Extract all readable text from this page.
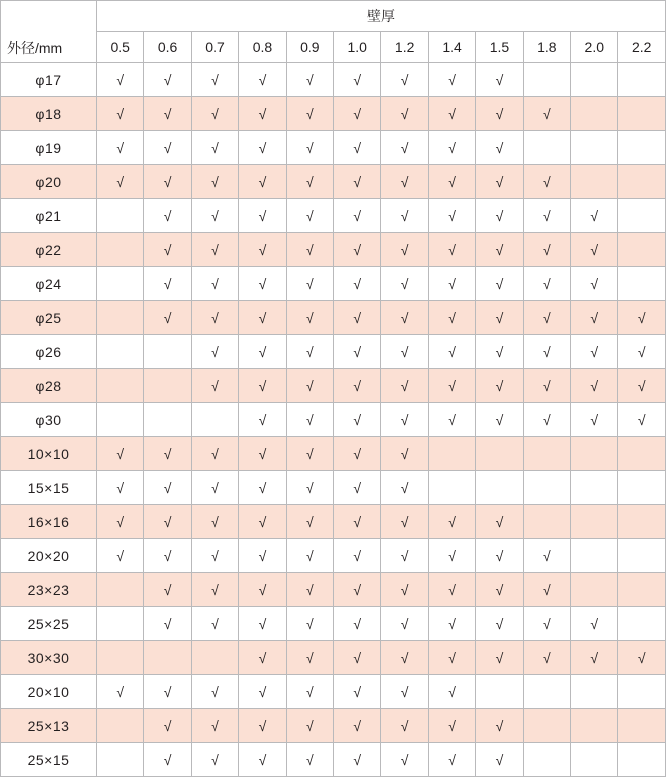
外径/mm	壁厚											
	0.5	0.6	0.7	0.8	0.9	1.0	1.2	1.4	1.5	1.8	2.0	2.2
φ17	√	√	√	√	√	√	√	√	√			
φ18	√	√	√	√	√	√	√	√	√	√		
φ19	√	√	√	√	√	√	√	√	√			
φ20	√	√	√	√	√	√	√	√	√	√		
φ21		√	√	√	√	√	√	√	√	√	√	
φ22		√	√	√	√	√	√	√	√	√	√	
φ24		√	√	√	√	√	√	√	√	√	√	
φ25		√	√	√	√	√	√	√	√	√	√	√
φ26			√	√	√	√	√	√	√	√	√	√
φ28			√	√	√	√	√	√	√	√	√	√
φ30				√	√	√	√	√	√	√	√	√
10×10	√	√	√	√	√	√	√					
15×15	√	√	√	√	√	√	√					
16×16	√	√	√	√	√	√	√	√	√			
20×20	√	√	√	√	√	√	√	√	√	√		
23×23		√	√	√	√	√	√	√	√	√		
25×25		√	√	√	√	√	√	√	√	√	√	
30×30				√	√	√	√	√	√	√	√	√
20×10	√	√	√	√	√	√	√	√				
25×13		√	√	√	√	√	√	√	√			
25×15		√	√	√	√	√	√	√	√			
